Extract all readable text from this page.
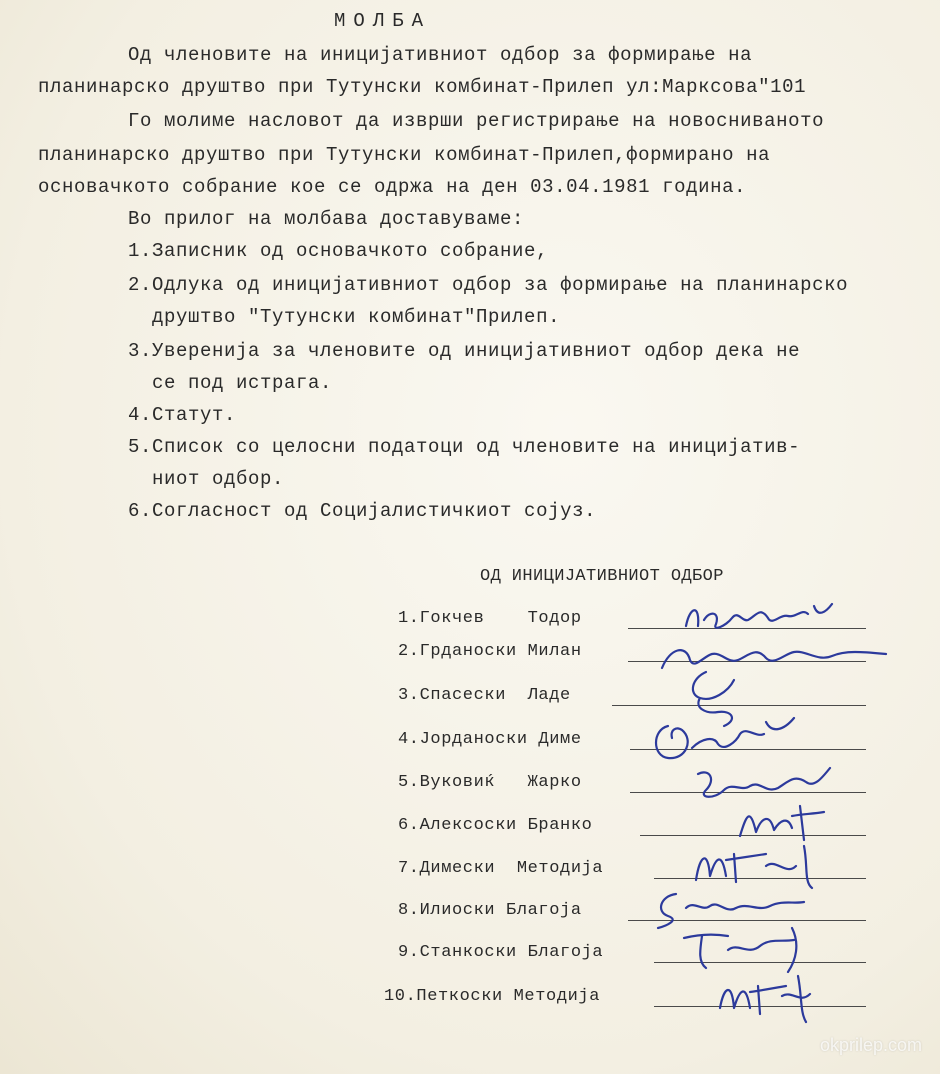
МОЛБА
Од членовите на иницијативниот одбор за формирање на
планинарско друштво при Тутунски комбинат-Прилеп ул:Марксова"101
Го молиме насловот да изврши регистрирање на новосниваното
планинарско друштво при Тутунски комбинат-Прилеп,формирано на
основачкото собрание кое се одржа на ден 03.04.1981 година.
Во прилог на молбава доставуваме:
1.Записник од основачкото собрание,
2.Одлука од иницијативниот одбор за формирање на планинарско
друштво "Тутунски комбинат"Прилеп.
3.Уверенија за членовите од иницијативниот одбор дека не
се под истрага.
4.Статут.
5.Список со целосни податоци од членовите на иницијатив-
ниот одбор.
6.Согласност од Социјалистичкиот сојуз.
ОД ИНИЦИЈАТИВНИОТ ОДБОР
1.Гокчев    Тодор
2.Грданоски Милан
3.Спасески  Ладе
4.Јорданоски Диме
5.Вуковиќ   Жарко
6.Алексоски Бранко
7.Димески  Методија
8.Илиоски Благоја
9.Станкоски Благоја
10.Петкоски Методија
okprilep.com
